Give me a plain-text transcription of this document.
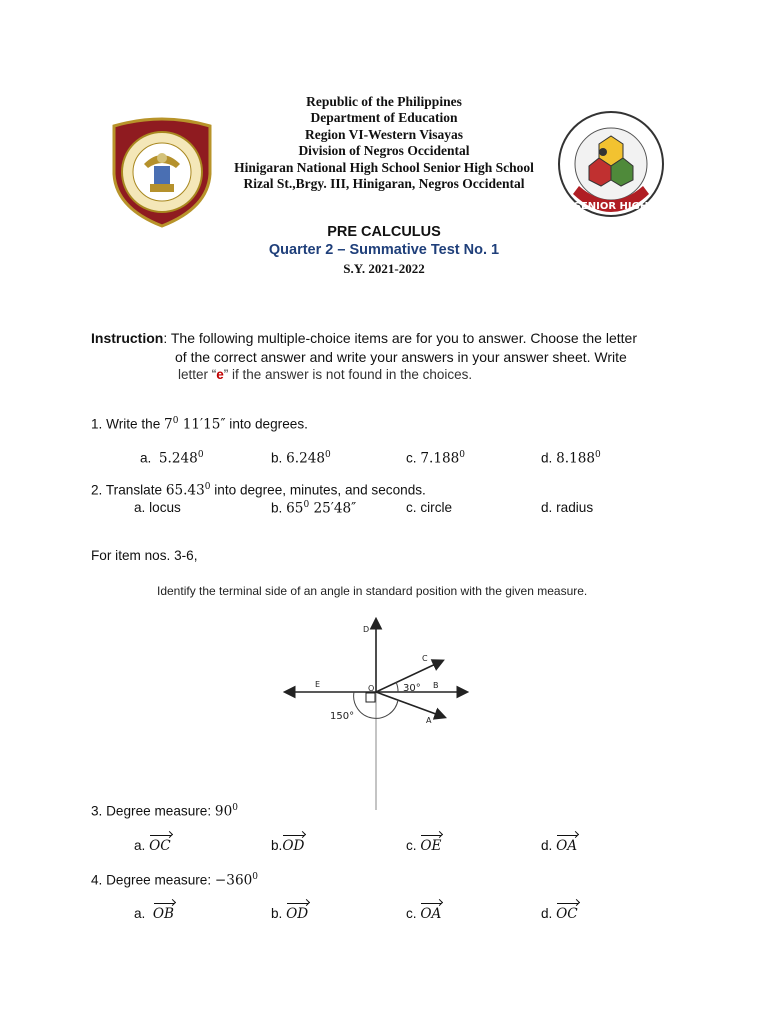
SENIOR HIGH
Republic of the Philippines
Department of Education
Region VI-Western Visayas
Division of Negros Occidental
Hinigaran National High School Senior High School
Rizal St.,Brgy. III, Hinigaran, Negros Occidental
PRE CALCULUS
Quarter 2 – Summative Test No. 1
S.Y. 2021-2022
Instruction: The following multiple-choice items are for you to answer. Choose the letter
of the correct answer and write your answers in your answer sheet. Write
letter “e” if the answer is not found in the choices.
1. Write the $7^0$ 11′15″ into degrees.
a. 5.248$^0$	b. 6.248$^0$	c. 7.188$^0$	d. 8.188$^0$
2. Translate 65.43$^0$ into degree, minutes, and seconds.
a. locus	b. $65^0$ 25′48″	c. circle	d. radius
For item nos. 3-6,
Identify the terminal side of an angle in standard position with the given measure.
D
C
E	O	B
A
30°
150°
3. Degree measure: $90^0$
a. OC	b.OD	c. OE	d. OA
4. Degree measure: $-360^0$
a. OB	b. OD	c. OA	d. OC
